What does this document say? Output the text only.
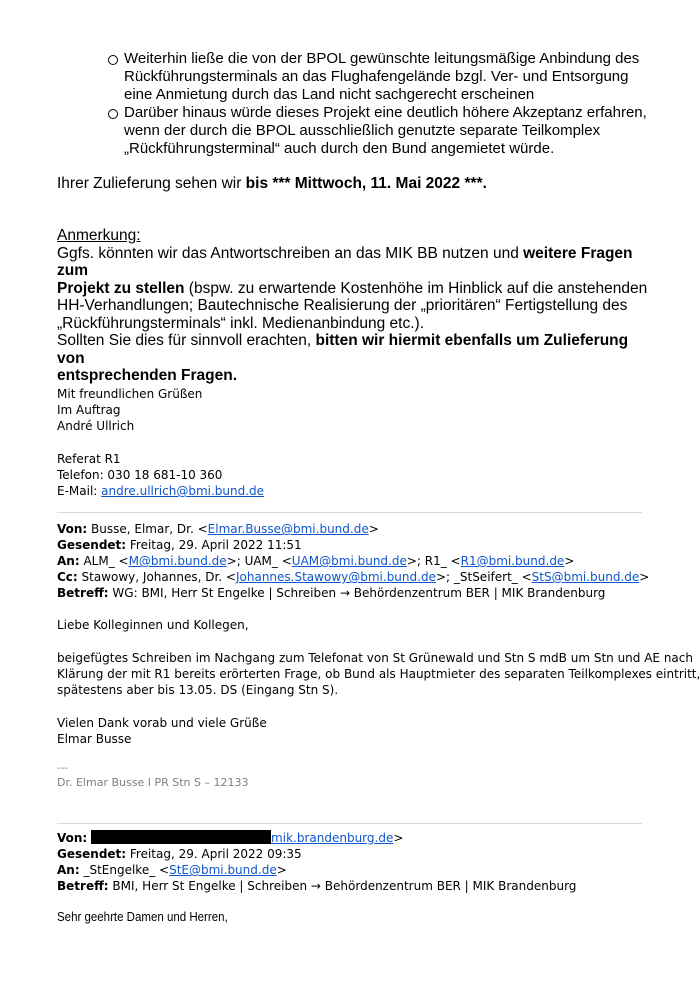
Weiterhin ließe die von der BPOL gewünschte leitungsmäßige Anbindung des
Rückführungsterminals an das Flughafengelände bzgl. Ver- und Entsorgung
eine Anmietung durch das Land nicht sachgerecht erscheinen
Darüber hinaus würde dieses Projekt eine deutlich höhere Akzeptanz erfahren,
wenn der durch die BPOL ausschließlich genutzte separate Teilkomplex
„Rückführungsterminal“ auch durch den Bund angemietet würde.
Ihrer Zulieferung sehen wir bis *** Mittwoch, 11. Mai 2022 ***.
Anmerkung:
Ggfs. könnten wir das Antwortschreiben an das MIK BB nutzen und weitere Fragen zum
Projekt zu stellen (bspw. zu erwartende Kostenhöhe im Hinblick auf die anstehenden
HH-Verhandlungen; Bautechnische Realisierung der „prioritären“ Fertigstellung des
„Rückführungsterminals“ inkl. Medienanbindung etc.).
Sollten Sie dies für sinnvoll erachten, bitten wir hiermit ebenfalls um Zulieferung von
entsprechenden Fragen.
Mit freundlichen Grüßen
Im Auftrag
André Ullrich
Referat R1
Telefon: 030 18 681-10 360
E-Mail: andre.ullrich@bmi.bund.de
Von: Busse, Elmar, Dr. <Elmar.Busse@bmi.bund.de>
Gesendet: Freitag, 29. April 2022 11:51
An: ALM_ <M@bmi.bund.de>; UAM_ <UAM@bmi.bund.de>; R1_ <R1@bmi.bund.de>
Cc: Stawowy, Johannes, Dr. <Johannes.Stawowy@bmi.bund.de>; _StSeifert_ <StS@bmi.bund.de>
Betreff: WG: BMI, Herr St Engelke | Schreiben → Behördenzentrum BER | MIK Brandenburg
Liebe Kolleginnen und Kollegen,
beigefügtes Schreiben im Nachgang zum Telefonat von St Grünewald und Stn S mdB um Stn und AE nach
Klärung der mit R1 bereits erörterten Frage, ob Bund als Hauptmieter des separaten Teilkomplexes eintritt,
spätestens aber bis 13.05. DS (Eingang Stn S).
Vielen Dank vorab und viele Grüße
Elmar Busse
---
Dr. Elmar Busse I PR Stn S – 12133
Von:	mik.brandenburg.de>
Gesendet: Freitag, 29. April 2022 09:35
An: _StEngelke_ <StE@bmi.bund.de>
Betreff: BMI, Herr St Engelke | Schreiben → Behördenzentrum BER | MIK Brandenburg
Sehr geehrte Damen und Herren,
